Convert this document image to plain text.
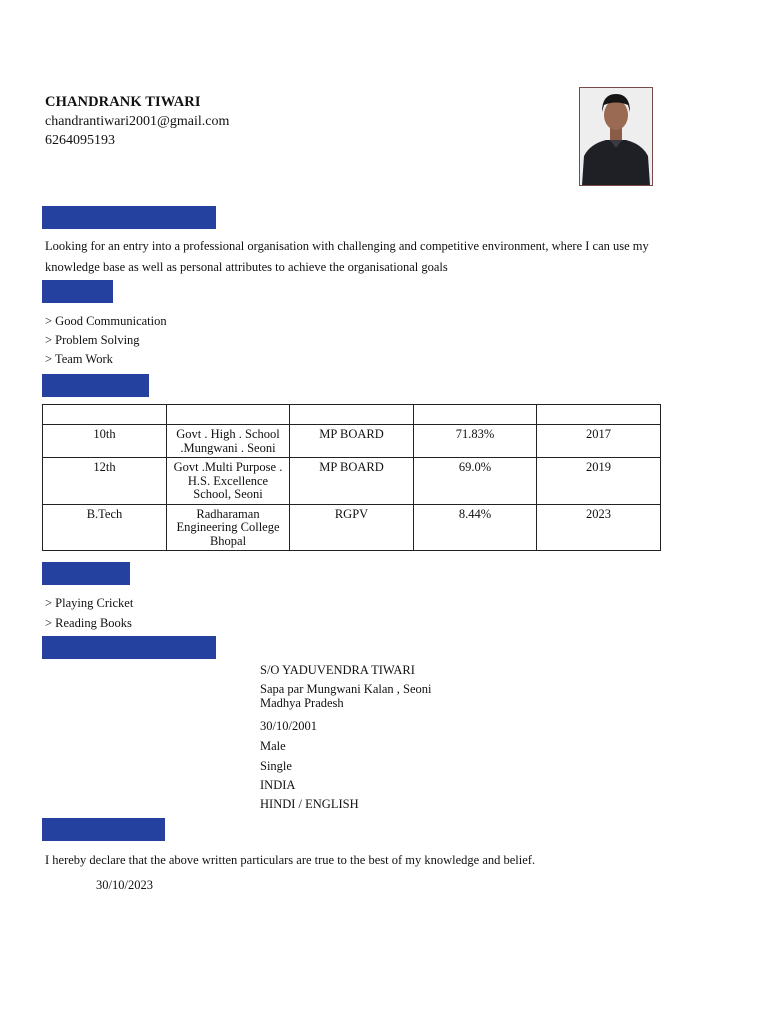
CHANDRANK TIWARI
chandrantiwari2001@gmail.com
6264095193
Looking for an entry into a professional organisation with challenging and competitive environment, where I can use my knowledge base as well as personal attributes to achieve the organisational goals
> Good Communication
> Problem Solving
> Team Work

10th	Govt . High . School .Mungwani . Seoni	MP BOARD	71.83%	2017
12th	Govt .Multi Purpose . H.S. Excellence School, Seoni	MP BOARD	69.0%	2019
B.Tech	Radharaman Engineering College Bhopal	RGPV	8.44%	2023
> Playing Cricket
> Reading Books
S/O YADUVENDRA TIWARI
Sapa par Mungwani Kalan , Seoni
Madhya Pradesh
30/10/2001
Male
Single
INDIA
HINDI / ENGLISH
I hereby declare that the above written particulars are true to the best of my knowledge and belief.
30/10/2023
